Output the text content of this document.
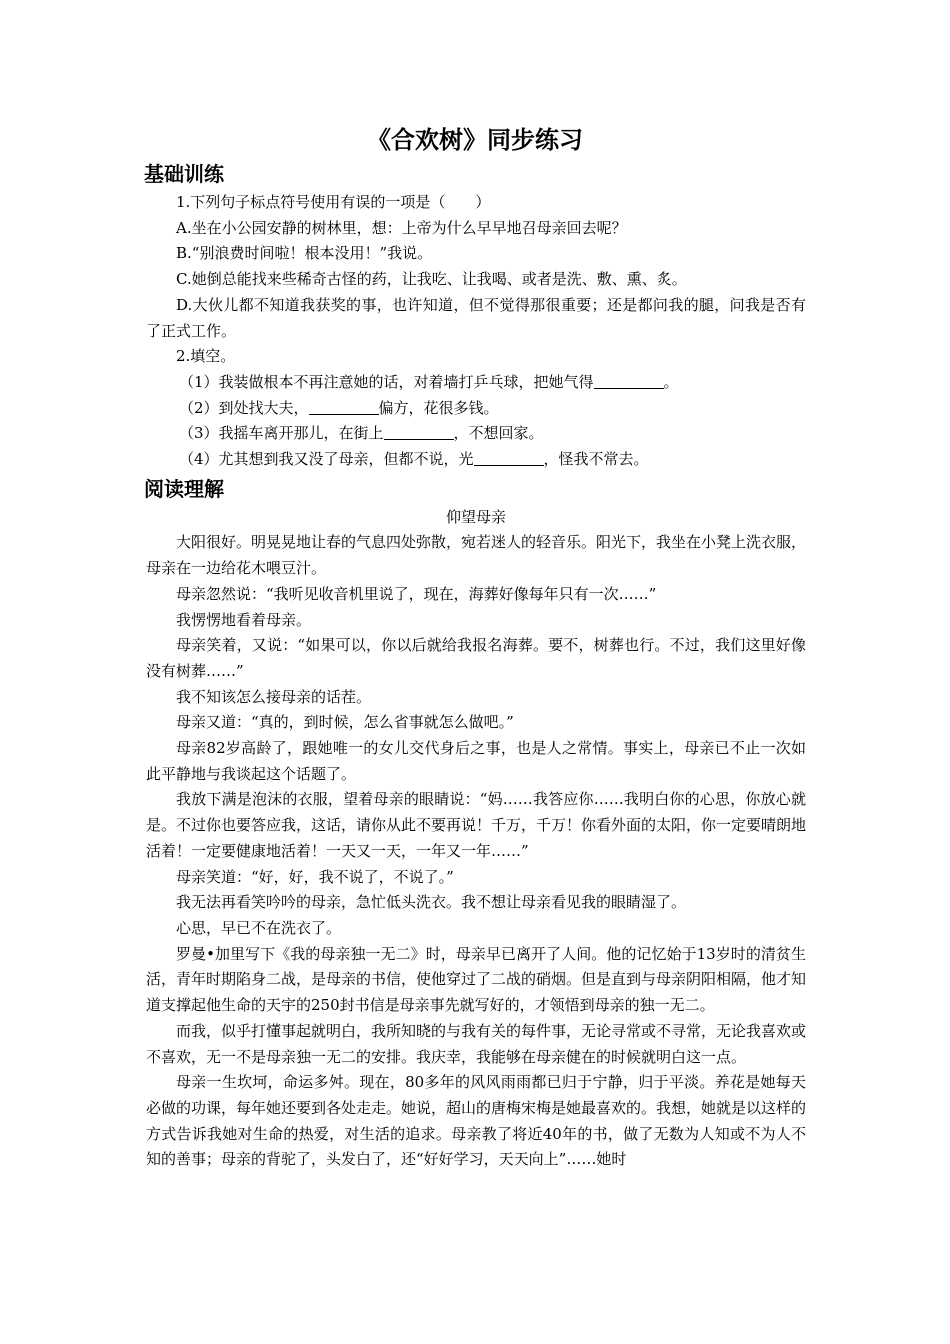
《合欢树》同步练习
基础训练

1.下列句子标点符号使用有误的一项是（　　）

A.坐在小公园安静的树林里，想：上帝为什么早早地召母亲回去呢？

B.“别浪费时间啦！根本没用！”我说。

C.她倒总能找来些稀奇古怪的药，让我吃、让我喝、或者是洗、敷、熏、炙。

D.大伙儿都不知道我获奖的事，也许知道，但不觉得那很重要；还是都问我的腿，问我是否有了正式工作。

2.填空。

（1）我装做根本不再注意她的话，对着墙打乒乓球，把她气得	。

（2）到处找大夫，	偏方，花很多钱。

（3）我摇车离开那儿，在街上	，不想回家。

（4）尤其想到我又没了母亲，但都不说，光	，怪我不常去。

阅读理解

仰望母亲

大阳很好。明晃晃地让春的气息四处弥散，宛若迷人的轻音乐。阳光下，我坐在小凳上洗衣服，母亲在一边给花木喂豆汁。

母亲忽然说：“我听见收音机里说了，现在，海葬好像每年只有一次……”

我愣愣地看着母亲。

母亲笑着，又说：“如果可以，你以后就给我报名海葬。要不，树葬也行。不过，我们这里好像没有树葬……”

我不知该怎么接母亲的话茬。

母亲又道：“真的，到时候，怎么省事就怎么做吧。”

母亲82岁高龄了，跟她唯一的女儿交代身后之事，也是人之常情。事实上，母亲已不止一次如此平静地与我谈起这个话题了。

我放下满是泡沫的衣服，望着母亲的眼睛说：“妈……我答应你……我明白你的心思，你放心就是。不过你也要答应我，这话，请你从此不要再说！千万，千万！你看外面的太阳，你一定要晴朗地活着！一定要健康地活着！一天又一天，一年又一年……”

母亲笑道：“好，好，我不说了，不说了。”

我无法再看笑吟吟的母亲，急忙低头洗衣。我不想让母亲看见我的眼睛湿了。

心思，早已不在洗衣了。

罗曼•加里写下《我的母亲独一无二》时，母亲早已离开了人间。他的记忆始于13岁时的清贫生活，青年时期陷身二战，是母亲的书信，使他穿过了二战的硝烟。但是直到与母亲阴阳相隔，他才知道支撑起他生命的天宇的250封书信是母亲事先就写好的，才领悟到母亲的独一无二。

而我，似乎打懂事起就明白，我所知晓的与我有关的每件事，无论寻常或不寻常，无论我喜欢或不喜欢，无一不是母亲独一无二的安排。我庆幸，我能够在母亲健在的时候就明白这一点。

母亲一生坎坷，命运多舛。现在，80多年的风风雨雨都已归于宁静，归于平淡。养花是她每天必做的功课，每年她还要到各处走走。她说，超山的唐梅宋梅是她最喜欢的。我想，她就是以这样的方式告诉我她对生命的热爱，对生活的追求。母亲教了将近40年的书，做了无数为人知或不为人不知的善事；母亲的背驼了，头发白了，还“好好学习，天天向上”……她时
